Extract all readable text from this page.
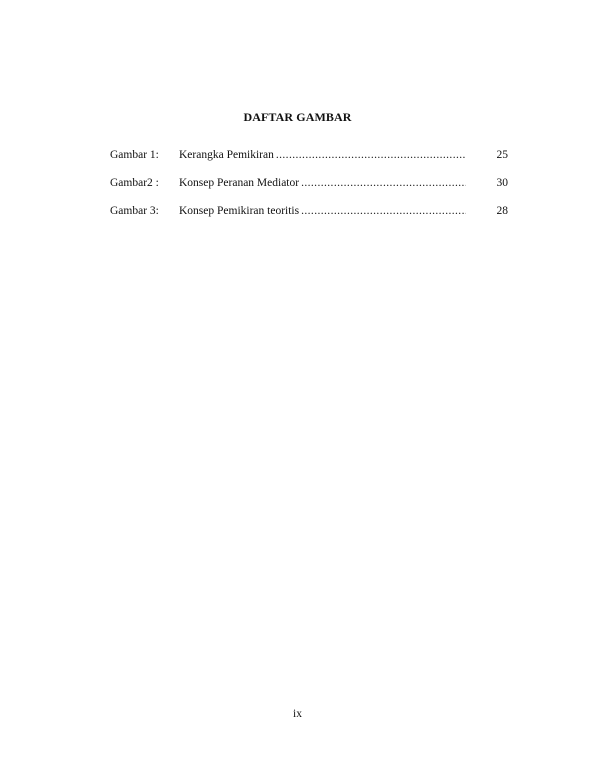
DAFTAR GAMBAR
Gambar 1: Kerangka Pemikiran .....	25
Gambar2 : Konsep Peranan Mediator .....	30
Gambar 3: Konsep Pemikiran teoritis .....	28
ix
